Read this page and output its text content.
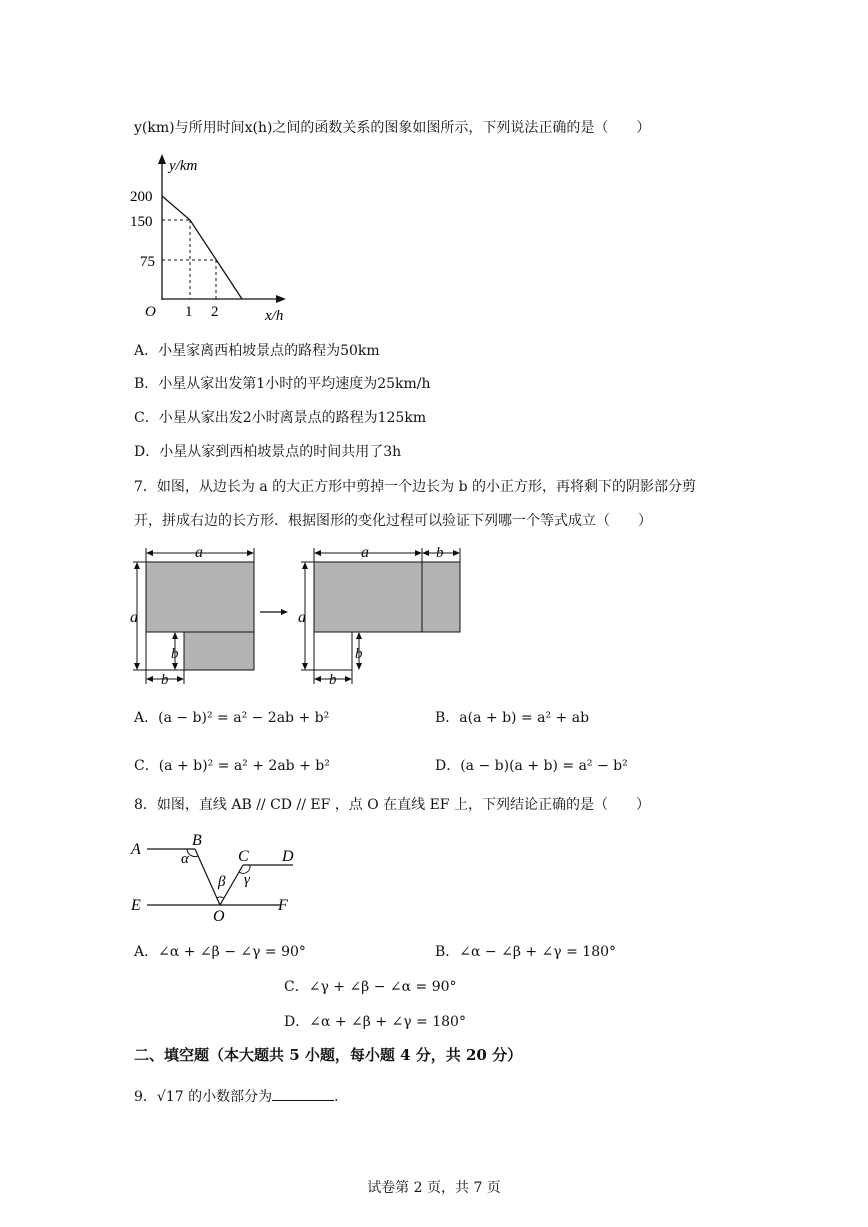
y(km)与所用时间x(h)之间的函数关系的图象如图所示，下列说法正确的是（　　）
y/km
200
150
75
O 1 2	x/h
A．小星家离西柏坡景点的路程为50km
B．小星从家出发第1小时的平均速度为25km/h
C．小星从家出发2小时离景点的路程为125km
D．小星从家到西柏坡景点的时间共用了3h
7．如图，从边长为 a 的大正方形中剪掉一个边长为 b 的小正方形，再将剩下的阴影部分剪
开，拼成右边的长方形．根据图形的变化过程可以验证下列哪一个等式成立（　　）
a
a
b
b
a	b
a
b
b
A．(a − b)² = a² − 2ab + b²	B．a(a + b) = a² + ab
C．(a + b)² = a² + 2ab + b²	D．(a − b)(a + b) = a² − b²
8．如图，直线 AB // CD // EF ，点 O 在直线 EF 上，下列结论正确的是（　　）
A
B
C D
E	F
O
α
β γ
A．∠α + ∠β − ∠γ = 90°	B．∠α − ∠β + ∠γ = 180°
C．∠γ + ∠β − ∠α = 90°
D．∠α + ∠β + ∠γ = 180°
二、填空题（本大题共 5 小题，每小题 4 分，共 20 分）
9．√17 的小数部分为	．
试卷第 2 页，共 7 页
